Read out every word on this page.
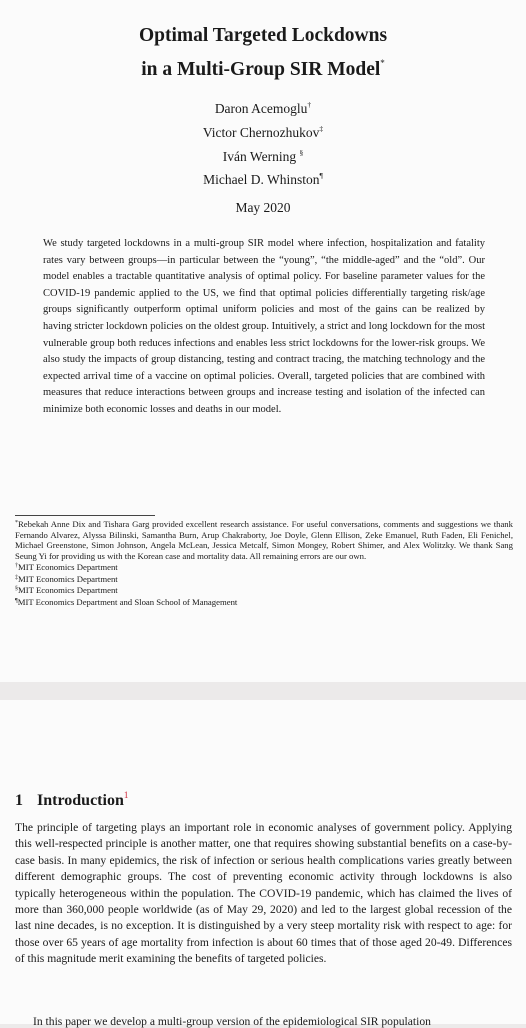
Optimal Targeted Lockdowns
in a Multi-Group SIR Model*
Daron Acemoglu†
Victor Chernozhukov‡
Iván Werning §
Michael D. Whinston¶
May 2020

We study targeted lockdowns in a multi-group SIR model where infection, hospitalization and fatality rates vary between groups—in particular between the “young”, “the middle-aged” and the “old”. Our model enables a tractable quantitative analysis of optimal policy. For baseline parameter values for the COVID-19 pandemic applied to the US, we find that optimal policies differentially targeting risk/age groups significantly outperform optimal uniform policies and most of the gains can be realized by having stricter lockdown policies on the oldest group. Intuitively, a strict and long lockdown for the most vulnerable group both reduces infections and enables less strict lockdowns for the lower-risk groups. We also study the impacts of group distancing, testing and contract tracing, the matching technology and the expected arrival time of a vaccine on optimal policies. Overall, targeted policies that are combined with measures that reduce interactions between groups and increase testing and isolation of the infected can minimize both economic losses and deaths in our model.

*Rebekah Anne Dix and Tishara Garg provided excellent research assistance. For useful conversations, comments and suggestions we thank Fernando Alvarez, Alyssa Bilinski, Samantha Burn, Arup Chakraborty, Joe Doyle, Glenn Ellison, Zeke Emanuel, Ruth Faden, Eli Fenichel, Michael Greenstone, Simon Johnson, Angela McLean, Jessica Metcalf, Simon Mongey, Robert Shimer, and Alex Wolitzky. We thank Sang Seung Yi for providing us with the Korean case and mortality data. All remaining errors are our own.

†MIT Economics Department

‡MIT Economics Department

§MIT Economics Department

¶MIT Economics Department and Sloan School of Management

1 Introduction$^1$

The principle of targeting plays an important role in economic analyses of government policy. Applying this well-respected principle is another matter, one that requires showing substantial benefits on a case-by-case basis. In many epidemics, the risk of infection or serious health complications varies greatly between different demographic groups. The cost of preventing economic activity through lockdowns is also typically heterogeneous within the population. The COVID-19 pandemic, which has claimed the lives of more than 360,000 people worldwide (as of May 29, 2020) and led to the largest global recession of the last nine decades, is no exception. It is distinguished by a very steep mortality risk with respect to age: for those over 65 years of age mortality from infection is about 60 times that of those aged 20-49. Differences of this magnitude merit examining the benefits of targeted policies.

In this paper we develop a multi-group version of the epidemiological SIR population
